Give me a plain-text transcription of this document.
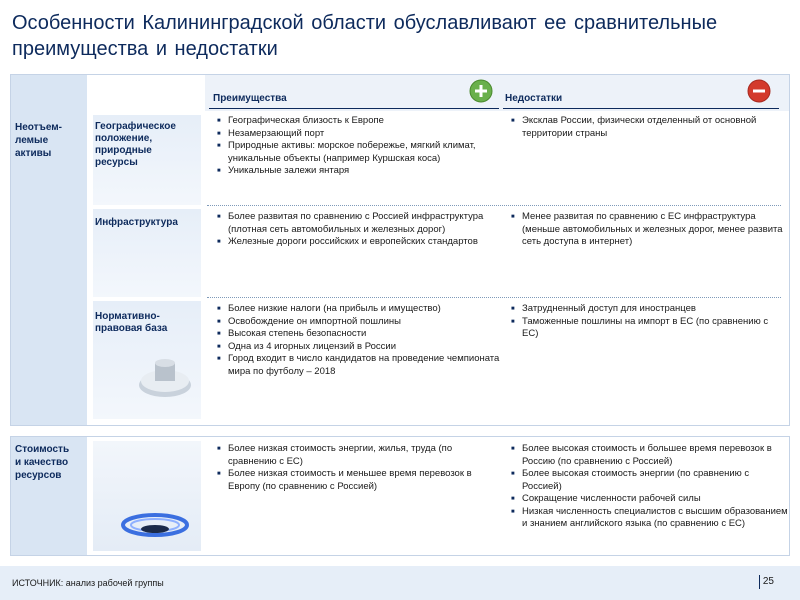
Особенности Калининградской области обуславливают ее сравнительные преимущества и недостатки
Неотъем-
лемые
активы
Преимущества	Недостатки
Географическое положение, природные ресурсы
■ Географическая близость к Европе
■ Незамерзающий порт
■ Природные активы: морское побережье, мягкий климат, уникальные объекты (например Куршская коса)
■ Уникальные залежи янтаря
■ Эксклав России, физически отделенный от основной территории страны
Инфраструктура
■ Более развитая по сравнению с Россией инфраструктура (плотная сеть автомобильных и железных дорог)
■ Железные дороги российских и европейских стандартов
■ Менее развитая по сравнению с ЕС инфраструктура (меньше автомобильных и железных дорог, менее развита сеть доступа в интернет)
Нормативно-правовая база
■ Более низкие налоги (на прибыль и имущество)
■ Освобождение он импортной пошлины
■ Высокая степень безопасности
■ Одна из 4 игорных лицензий в России
■ Город входит в число кандидатов на проведение чемпионата мира по футболу – 2018
■ Затрудненный доступ для иностранцев
■ Таможенные пошлины на импорт в ЕС (по сравнению с ЕС)
Стоимость
и качество
ресурсов
■ Более низкая стоимость энергии, жилья, труда (по сравнению с ЕС)
■ Более низкая стоимость и меньшее время перевозок в Европу (по сравнению с Россией)
■ Более высокая стоимость и большее время перевозок в Россию (по сравнению с Россией)
■ Более высокая стоимость энергии (по сравнению с Россией)
■ Сокращение численности рабочей силы
■ Низкая численность специалистов с высшим образованием и знанием английского языка (по сравнению с ЕС)
ИСТОЧНИК: анализ рабочей группы	25
